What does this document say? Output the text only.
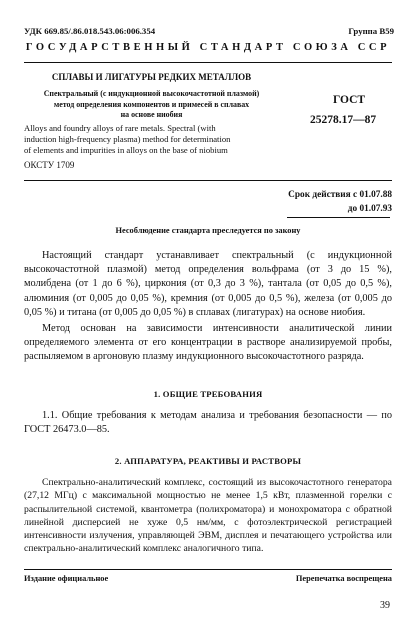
УДК 669.85/.86.018.543.06:006.354	Группа В59
ГОСУДАРСТВЕННЫЙ СТАНДАРТ СОЮЗА ССР
СПЛАВЫ И ЛИГАТУРЫ РЕДКИХ МЕТАЛЛОВ
Спектральный (с индукционной высокочастотной плазмой)
метод определения компонентов и примесей в сплавах
на основе ниобия
ГОСТ
25278.17—87
Alloys and foundry alloys of rare metals. Spectral (with
induction high-frequency plasma) method for determination
of elements and impurities in alloys on the base of niobium
ОКСТУ 1709
Срок действия с 01.07.88
до 01.07.93
Несоблюдение стандарта преследуется по закону

Настоящий стандарт устанавливает спектральный (с индукционной высокочастотной плазмой) метод определения вольфрама (от 3 до 15 %), молибдена (от 1 до 6 %), циркония (от 0,3 до 3 %), тантала (от 0,05 до 0,5 %), алюминия (от 0,005 до 0,05 %), кремния (от 0,005 до 0,5 %), железа (от 0,005 до 0,05 %) и титана (от 0,005 до 0,05 %) в сплавах (лигатурах) на основе ниобия.

Метод основан на зависимости интенсивности аналитической линии определяемого элемента от его концентрации в растворе анализируемой пробы, распыляемом в аргоновую плазму индукционного высокочастотного разряда.

1. ОБЩИЕ ТРЕБОВАНИЯ

1.1. Общие требования к методам анализа и требования безопасности — по ГОСТ 26473.0—85.

2. АППАРАТУРА, РЕАКТИВЫ И РАСТВОРЫ

Спектрально-аналитический комплекс, состоящий из высокочастотного генератора (27,12 МГц) с максимальной мощностью не менее 1,5 кВт, плазменной горелки с распылительной системой, квантометра (полихроматора) и монохроматора с обратной линейной дисперсией не хуже 0,5 нм/мм, с фотоэлектрической регистрацией интенсивности излучения, управляющей ЭВМ, дисплея и печатающего устройства или спектрально-аналитический комплекс аналогичного типа.

Издание официальное	Перепечатка воспрещена
39
